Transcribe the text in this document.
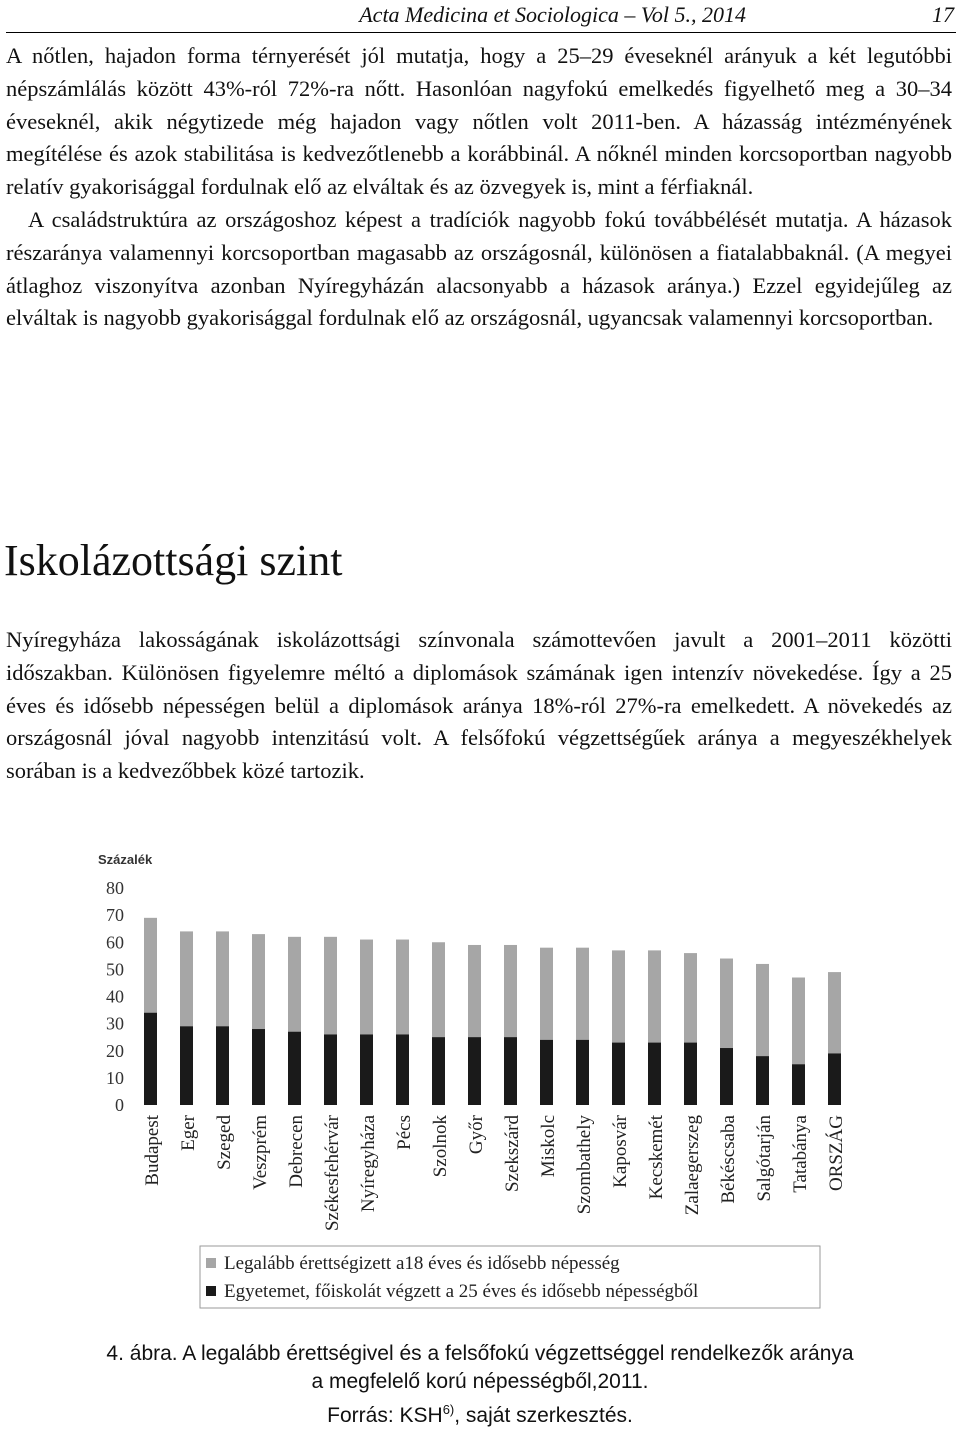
Acta Medicina et Sociologica – Vol 5., 2014	17

A nőtlen, hajadon forma térnyerését jól mutatja, hogy a 25–29 éveseknél arányuk a két legutóbbi népszámlálás között 43%-ról 72%-ra nőtt. Hasonlóan nagyfokú emelkedés figyelhető meg a 30–34 éveseknél, akik négytizede még hajadon vagy nőtlen volt 2011-ben. A házasság intézményének megítélése és azok stabilitása is kedvezőtlenebb a korábbinál. A nőknél minden korcsoportban nagyobb relatív gyakorisággal fordulnak elő az elváltak és az özvegyek is, mint a férfiaknál.

A családstruktúra az országoshoz képest a tradíciók nagyobb fokú továbbélését mutatja. A házasok részaránya valamennyi korcsoportban magasabb az országosnál, különösen a fiatalabbaknál. (A megyei átlaghoz viszonyítva azonban Nyíregyházán alacsonyabb a házasok aránya.) Ezzel egyidejűleg az elváltak is nagyobb gyakorisággal fordulnak elő az országosnál, ugyancsak valamennyi korcsoportban.

Iskolázottsági szint

Nyíregyháza lakosságának iskolázottsági színvonala számottevően javult a 2001–2011 közötti időszakban. Különösen figyelemre méltó a diplomások számának igen intenzív növekedése. Így a 25 éves és idősebb népességen belül a diplomások aránya 18%-ról 27%-ra emelkedett. A növekedés az országosnál jóval nagyobb intenzitású volt. A felsőfokú végzettségűek aránya a megyeszékhelyek sorában is a kedvezőbbek közé tartozik.

Százalék
0
10
20
30
40
50
60
70
80
Budapest Eger Szeged Veszprém Debrecen Székesfehérvár Nyíregyháza Pécs Szolnok Győr Szekszárd Miskolc Szombathely Kaposvár Kecskemét Zalaegerszeg Békéscsaba Salgótarján Tatabánya ORSZÁG
Legalább érettségizett a18 éves és idősebb népesség
Egyetemet, főiskolát végzett a 25 éves és idősebb népességből
4. ábra. A legalább érettségivel és a felsőfokú végzettséggel rendelkezők aránya
a megfelelő korú népességből,2011.
Forrás: KSH$^{6)}$, saját szerkesztés.
